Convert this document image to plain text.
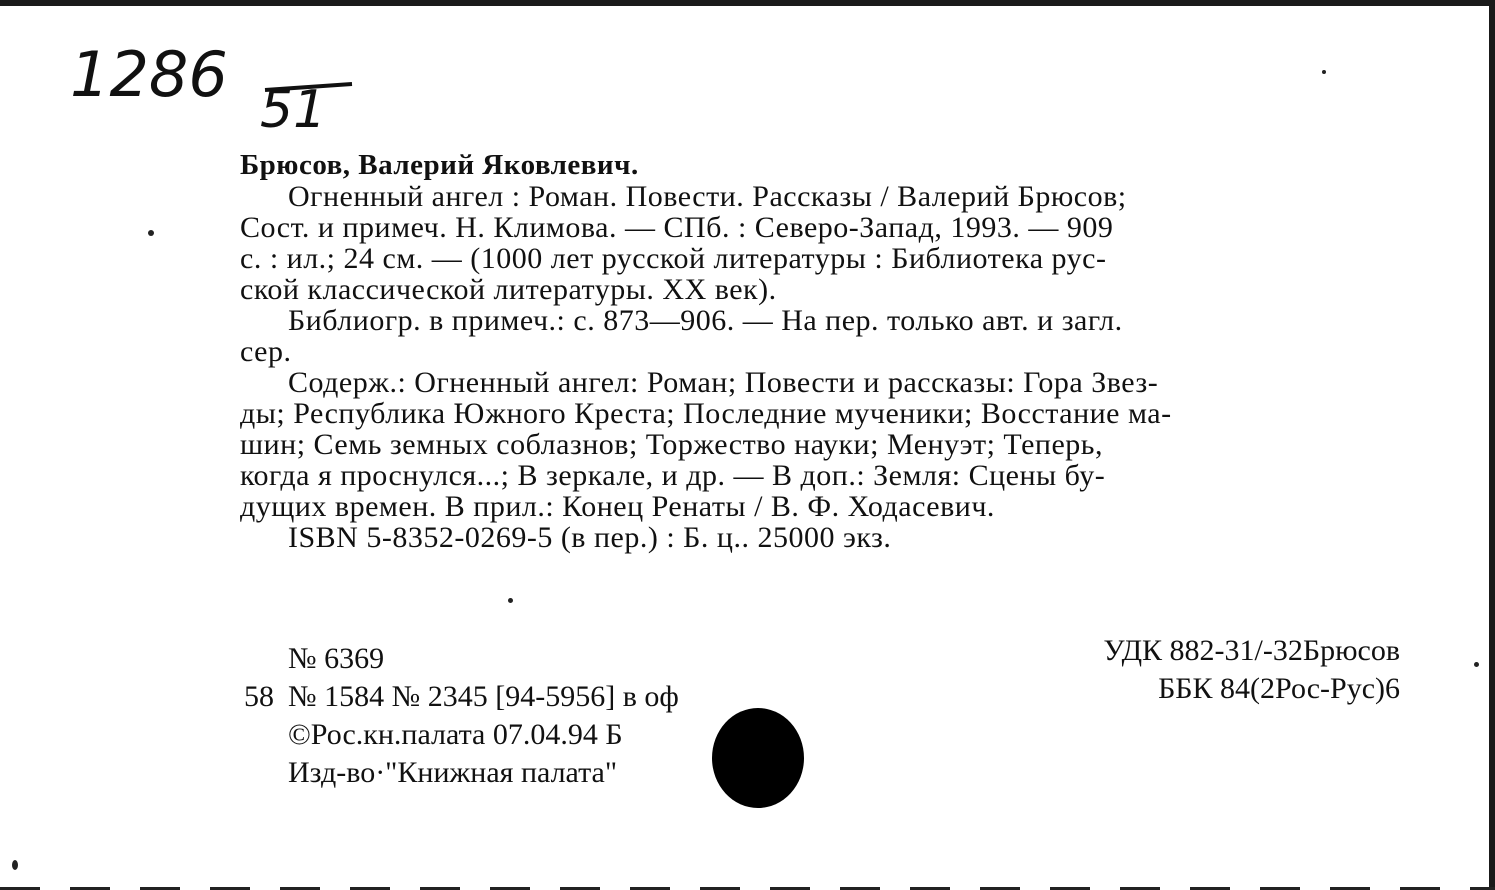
1286 51
Брюсов, Валерий Яковлевич.
Огненный ангел : Роман. Повести. Рассказы / Валерий Брюсов;
Сост. и примеч. Н. Климова. — СПб. : Северо-Запад, 1993. — 909
с. : ил.; 24 см. — (1000 лет русской литературы : Библиотека рус-
ской классической литературы. XX век).
Библиогр. в примеч.: с. 873—906. — На пер. только авт. и загл.
сер.
Содерж.: Огненный ангел: Роман; Повести и рассказы: Гора Звез-
ды; Республика Южного Креста; Последние мученики; Восстание ма-
шин; Семь земных соблазнов; Торжество науки; Менуэт; Теперь,
когда я проснулся...; В зеркале, и др. — В доп.: Земля: Сцены бу-
дущих времен. В прил.: Конец Ренаты / В. Ф. Ходасевич.
ISBN 5-8352-0269-5 (в пер.) : Б. ц.. 25000 экз.
№ 6369
58 № 1584 № 2345 [94-5956] в оф
©Рос.кн.палата 07.04.94 Б
Изд-во·"Книжная палата"
УДК 882-31/-32Брюсов
ББК 84(2Рос-Рус)6
